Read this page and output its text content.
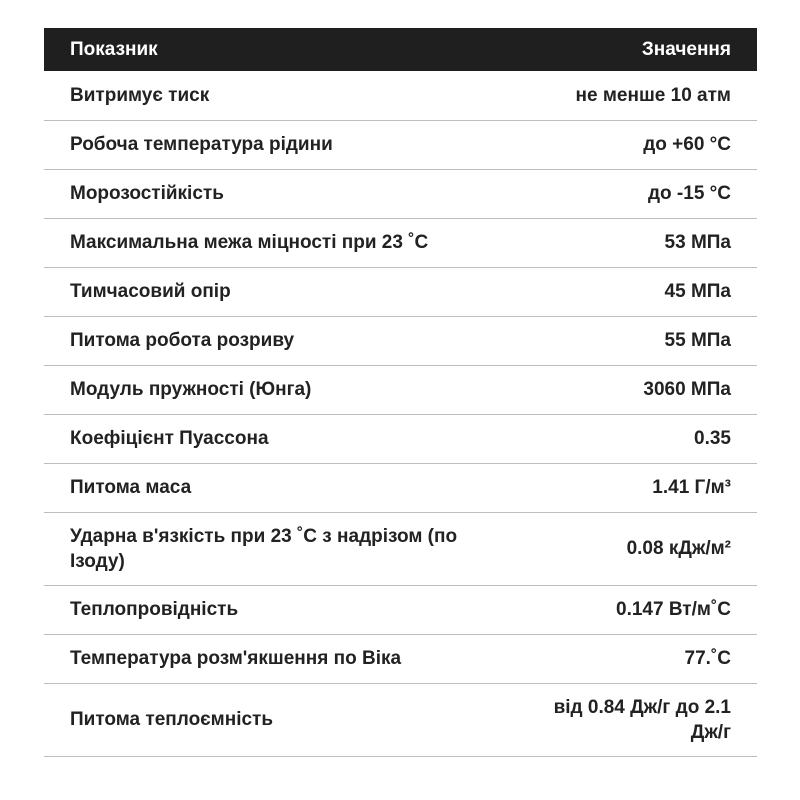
Показник	Значення
Витримує тиск	не менше 10 атм
Робоча температура рідини	до +60 °C
Морозостійкість	до -15 °C
Максимальна межа міцності при 23 ˚С	53 МПа
Тимчасовий опір	45 МПа
Питома робота розриву	55 МПа
Модуль пружності (Юнга)	3060 МПа
Коефіцієнт Пуассона	0.35
Питома маса	1.41 Г/м³
Ударна в'язкість при 23 ˚С з надрізом (по Ізоду)	0.08 кДж/м²
Теплопровідність	0.147 Вт/м˚С
Температура розм'якшення по Віка	77.˚С
Питома теплоємність	від 0.84 Дж/г до 2.1 Дж/г
